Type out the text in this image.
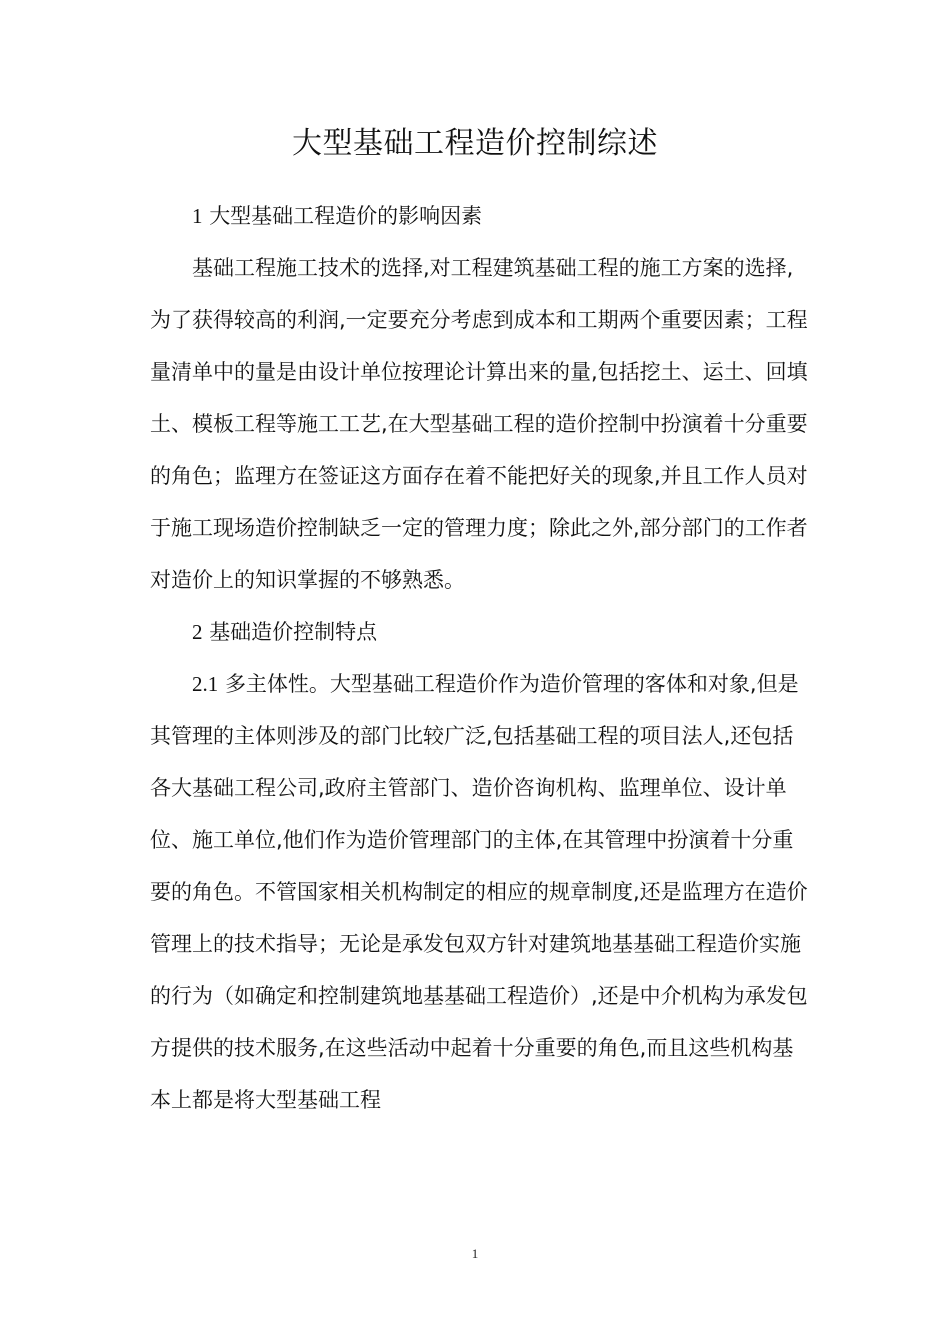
大型基础工程造价控制综述

1 大型基础工程造价的影响因素

基础工程施工技术的选择,对工程建筑基础工程的施工方案的选择,为了获得较高的利润,一定要充分考虑到成本和工期两个重要因素；工程量清单中的量是由设计单位按理论计算出来的量,包括挖土、运土、回填土、模板工程等施工工艺,在大型基础工程的造价控制中扮演着十分重要的角色；监理方在签证这方面存在着不能把好关的现象,并且工作人员对于施工现场造价控制缺乏一定的管理力度；除此之外,部分部门的工作者对造价上的知识掌握的不够熟悉。

2 基础造价控制特点

2.1 多主体性。大型基础工程造价作为造价管理的客体和对象,但是其管理的主体则涉及的部门比较广泛,包括基础工程的项目法人,还包括各大基础工程公司,政府主管部门、造价咨询机构、监理单位、设计单位、施工单位,他们作为造价管理部门的主体,在其管理中扮演着十分重要的角色。不管国家相关机构制定的相应的规章制度,还是监理方在造价管理上的技术指导；无论是承发包双方针对建筑地基基础工程造价实施的行为（如确定和控制建筑地基基础工程造价）,还是中介机构为承发包方提供的技术服务,在这些活动中起着十分重要的角色,而且这些机构基本上都是将大型基础工程

1
